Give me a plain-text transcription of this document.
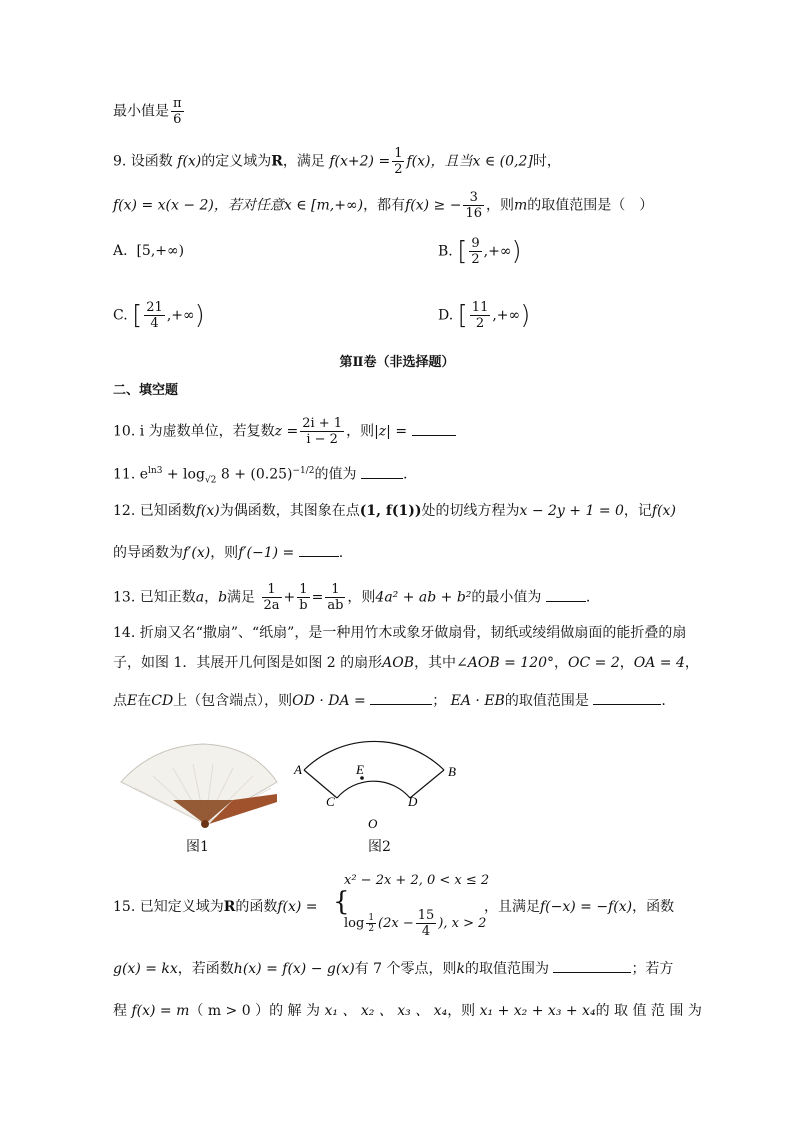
最小值是 $\frac{\pi}{6}$
9. 设函数 f(x)的定义域为R，满足 $f(x+2) = \frac{1}{2} f(x)$，且当x ∈ (0,2]时，
f(x) = x(x − 2)，若对任意x ∈ [m,+∞)，都有f(x) ≥ − $\frac{3}{16}$ ，则m的取值范围是（　）
A. [5,+∞)	B. [ $\frac{9}{2}$ ,+∞)
C. [ $\frac{21}{4}$ ,+∞)	D. [ $\frac{11}{2}$ ,+∞)
第Ⅱ卷（非选择题）
二、填空题
10. i 为虚数单位，若复数$z = \frac{2i + 1}{i - 2}$ ，则|z| =
11. $e^{ln3} + \log_{√2} 8 + (0.25)^{-1/2}$的值为	.
12. 已知函数f(x)为偶函数，其图象在点(1, f(1))处的切线方程为x − 2y + 1 = 0，记f(x)
的导函数为f′(x)，则f′(−1) =	.
13. 已知正数a，b满足 $\frac{1}{2a} + \frac{1}{b} = \frac{1}{ab}$ ，则4a² + ab + b²的最小值为	.
14. 折扇又名“撒扇”、“纸扇”，是一种用竹木或象牙做扇骨，韧纸或绫绢做扇面的能折叠的扇
子，如图 1．其展开几何图是如图 2 的扇形AOB，其中∠AOB = 120°，OC = 2，OA = 4，
点E在CD上（包含端点），则OD · DA =	； EA · EB的取值范围是	.
图1
A	B
C	D
E
O
图2
15. 已知定义域为R的函数f(x) = {
x² − 2x + 2, 0 < x ≤ 2
$\log \frac{1}{2} (2x - \frac{15}{4}$ ), x > 2
，且满足f(−x) = −f(x)，函数
g(x) = kx，若函数h(x) = f(x) − g(x)有 7 个零点，则k的取值范围为	；若方
程 f(x) = m（ m > 0 ）的 解 为 x₁ 、 x₂ 、 x₃ 、 x₄，则 x₁ + x₂ + x₃ + x₄的 取 值 范 围 为
